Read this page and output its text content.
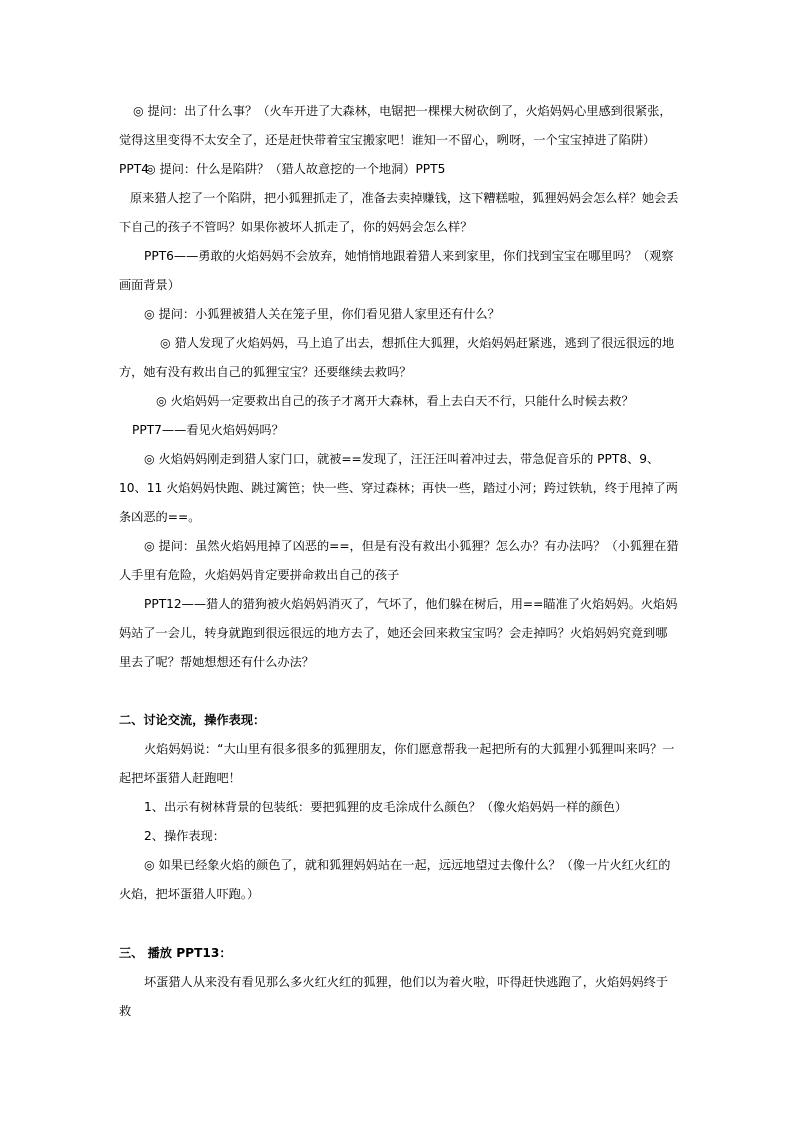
◎ 提问：出了什么事？（火车开进了大森林，电锯把一棵棵大树砍倒了，火焰妈妈心里感到很紧张，觉得这里变得不太安全了，还是赶快带着宝宝搬家吧！谁知一不留心，咧呀，一个宝宝掉进了陷阱）PPT4

◎ 提问：什么是陷阱？（猎人故意挖的一个地洞）PPT5

原来猎人挖了一个陷阱，把小狐狸抓走了，准备去卖掉赚钱，这下糟糕啦，狐狸妈妈会怎么样？她会丢下自己的孩子不管吗？如果你被坏人抓走了，你的妈妈会怎么样？

PPT6——勇敢的火焰妈妈不会放弃，她悄悄地跟着猎人来到家里，你们找到宝宝在哪里吗？（观察画面背景）

◎ 提问：小狐狸被猎人关在笼子里，你们看见猎人家里还有什么？

◎ 猎人发现了火焰妈妈，马上追了出去，想抓住大狐狸，火焰妈妈赶紧逃，逃到了很远很远的地方，她有没有救出自己的狐狸宝宝？还要继续去救吗？

◎ 火焰妈妈一定要救出自己的孩子才离开大森林，看上去白天不行，只能什么时候去救？

PPT7——看见火焰妈妈吗？

◎ 火焰妈妈刚走到猎人家门口，就被==发现了，汪汪汪叫着冲过去，带急促音乐的 PPT8、9、10、11 火焰妈妈快跑、跳过篱笆；快一些、穿过森林；再快一些，踏过小河；跨过铁轨，终于甩掉了两条凶恶的==。

◎ 提问：虽然火焰妈甩掉了凶恶的==，但是有没有救出小狐狸？怎么办？有办法吗？（小狐狸在猎人手里有危险，火焰妈妈肯定要拼命救出自己的孩子

PPT12——猎人的猎狗被火焰妈妈消灭了，气坏了，他们躲在树后，用==瞄准了火焰妈妈。火焰妈妈站了一会儿，转身就跑到很远很远的地方去了，她还会回来救宝宝吗？会走掉吗？火焰妈妈究竟到哪里去了呢？帮她想想还有什么办法？

二、讨论交流，操作表现：

火焰妈妈说：“大山里有很多很多的狐狸朋友，你们愿意帮我一起把所有的大狐狸小狐狸叫来吗？一起把坏蛋猎人赶跑吧！

1、出示有树林背景的包装纸：要把狐狸的皮毛涂成什么颜色？（像火焰妈妈一样的颜色）

2、操作表现：

◎ 如果已经象火焰的颜色了，就和狐狸妈妈站在一起，远远地望过去像什么？（像一片火红火红的火焰，把坏蛋猎人吓跑。）

三、 播放 PPT13：

坏蛋猎人从来没有看见那么多火红火红的狐狸，他们以为着火啦，吓得赶快逃跑了，火焰妈妈终于救
